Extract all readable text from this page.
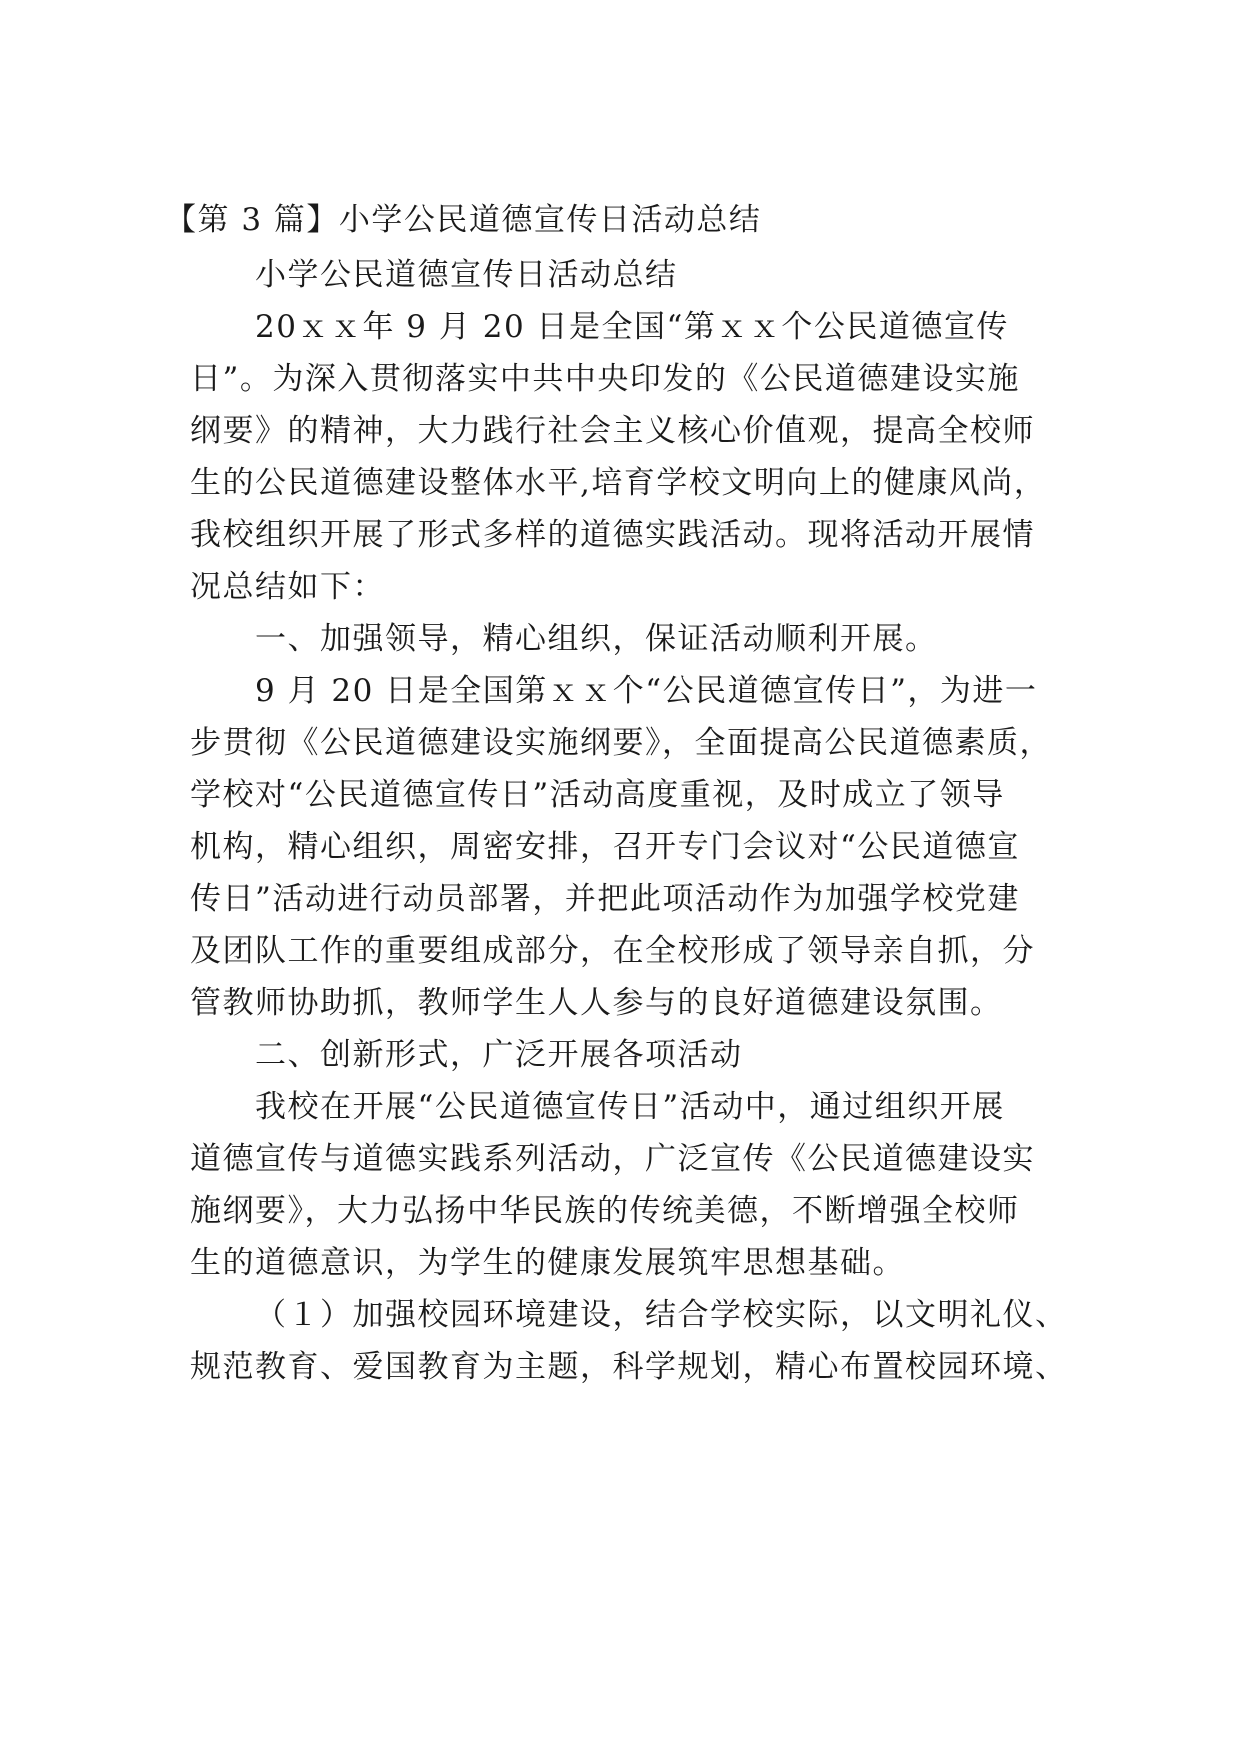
【第 3 篇】小学公民道德宣传日活动总结
小学公民道德宣传日活动总结
20ｘｘ年 9 月 20 日是全国“第ｘｘ个公民道德宣传
日”。为深入贯彻落实中共中央印发的《公民道德建设实施
纲要》的精神，大力践行社会主义核心价值观，提高全校师
生的公民道德建设整体水平,培育学校文明向上的健康风尚，
我校组织开展了形式多样的道德实践活动。现将活动开展情
况总结如下：
一、加强领导，精心组织，保证活动顺利开展。
9 月 20 日是全国第ｘｘ个“公民道德宣传日”，为进一
步贯彻《公民道德建设实施纲要》，全面提高公民道德素质，
学校对“公民道德宣传日”活动高度重视，及时成立了领导
机构，精心组织，周密安排，召开专门会议对“公民道德宣
传日”活动进行动员部署，并把此项活动作为加强学校党建
及团队工作的重要组成部分，在全校形成了领导亲自抓，分
管教师协助抓，教师学生人人参与的良好道德建设氛围。
二、创新形式，广泛开展各项活动
我校在开展“公民道德宣传日”活动中，通过组织开展
道德宣传与道德实践系列活动，广泛宣传《公民道德建设实
施纲要》，大力弘扬中华民族的传统美德，不断增强全校师
生的道德意识，为学生的健康发展筑牢思想基础。
（１）加强校园环境建设，结合学校实际，以文明礼仪、
规范教育、爱国教育为主题，科学规划，精心布置校园环境、
